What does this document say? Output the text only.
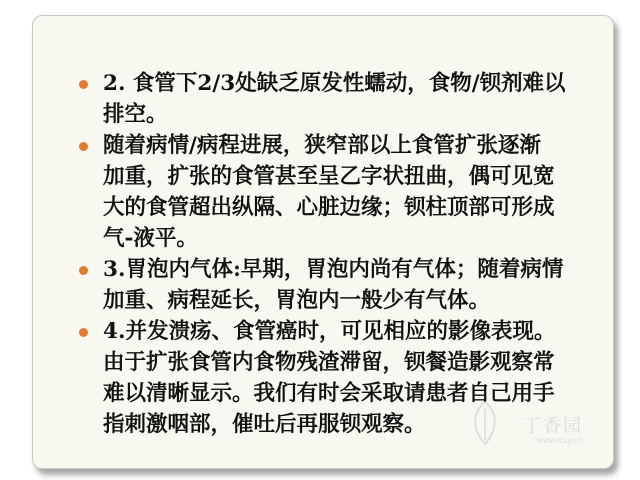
2. 食管下2/3处缺乏原发性蠕动，食物/钡剂难以
排空。
随着病情/病程进展，狭窄部以上食管扩张逐渐
加重，扩张的食管甚至呈乙字状扭曲，偶可见宽
大的食管超出纵隔、心脏边缘；钡柱顶部可形成
气-液平。
3.胃泡内气体:早期，胃泡内尚有气体；随着病情
加重、病程延长，胃泡内一般少有气体。
4.并发溃疡、食管癌时，可见相应的影像表现。
由于扩张食管内食物残渣滞留，钡餐造影观察常
难以清晰显示。我们有时会采取请患者自己用手
指刺激咽部，催吐后再服钡观察。	丁香园
www.dxy.cn
